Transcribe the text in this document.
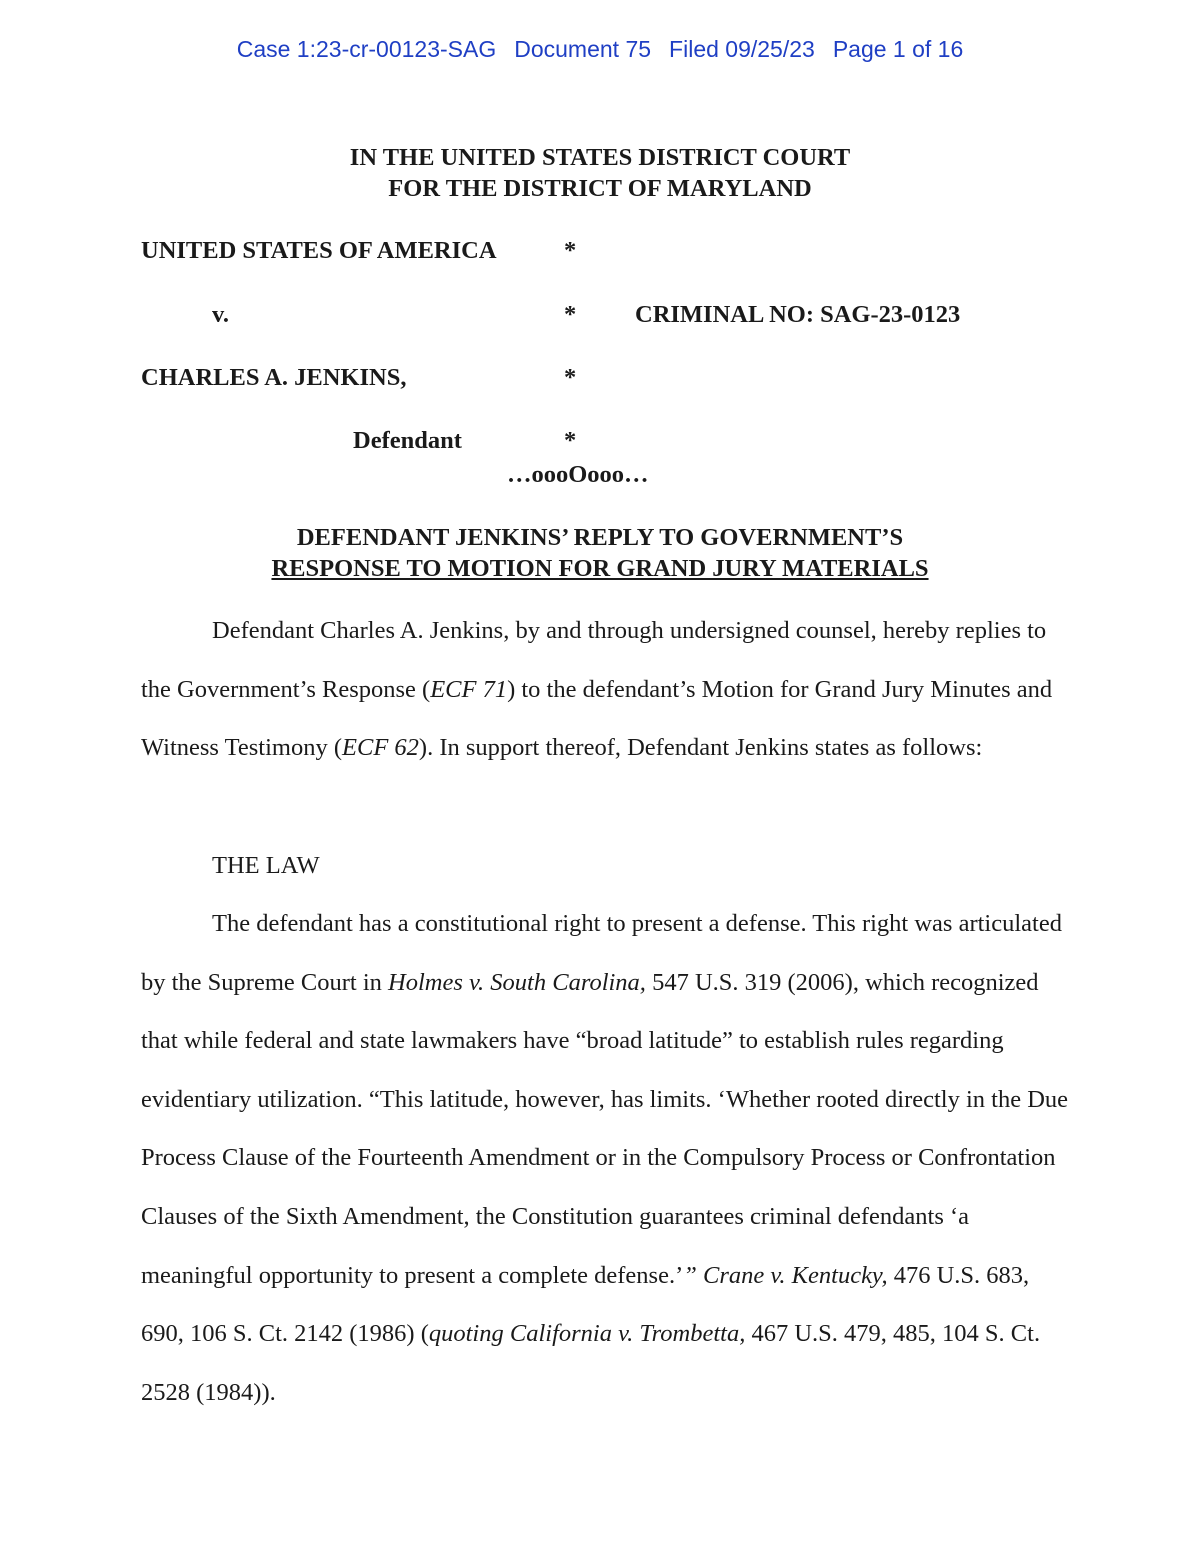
Case 1:23-cr-00123-SAG Document 75 Filed 09/25/23 Page 1 of 16
IN THE UNITED STATES DISTRICT COURT
FOR THE DISTRICT OF MARYLAND
UNITED STATES OF AMERICA	*
v.	* CRIMINAL NO: SAG-23-0123
CHARLES A. JENKINS,	*
Defendant	*
…oooOooo…
DEFENDANT JENKINS’ REPLY TO GOVERNMENT’S
RESPONSE TO MOTION FOR GRAND JURY MATERIALS

Defendant Charles A. Jenkins, by and through undersigned counsel, hereby replies to the Government’s Response (ECF 71) to the defendant’s Motion for Grand Jury Minutes and Witness Testimony (ECF 62). In support thereof, Defendant Jenkins states as follows:

THE LAW

The defendant has a constitutional right to present a defense. This right was articulated by the Supreme Court in Holmes v. South Carolina, 547 U.S. 319 (2006), which recognized that while federal and state lawmakers have “broad latitude” to establish rules regarding evidentiary utilization. “This latitude, however, has limits. ‘Whether rooted directly in the Due Process Clause of the Fourteenth Amendment or in the Compulsory Process or Confrontation Clauses of the Sixth Amendment, the Constitution guarantees criminal defendants ‘a meaningful opportunity to present a complete defense.’” Crane v. Kentucky, 476 U.S. 683, 690, 106 S. Ct. 2142 (1986) (quoting California v. Trombetta, 467 U.S. 479, 485, 104 S. Ct. 2528 (1984)).
